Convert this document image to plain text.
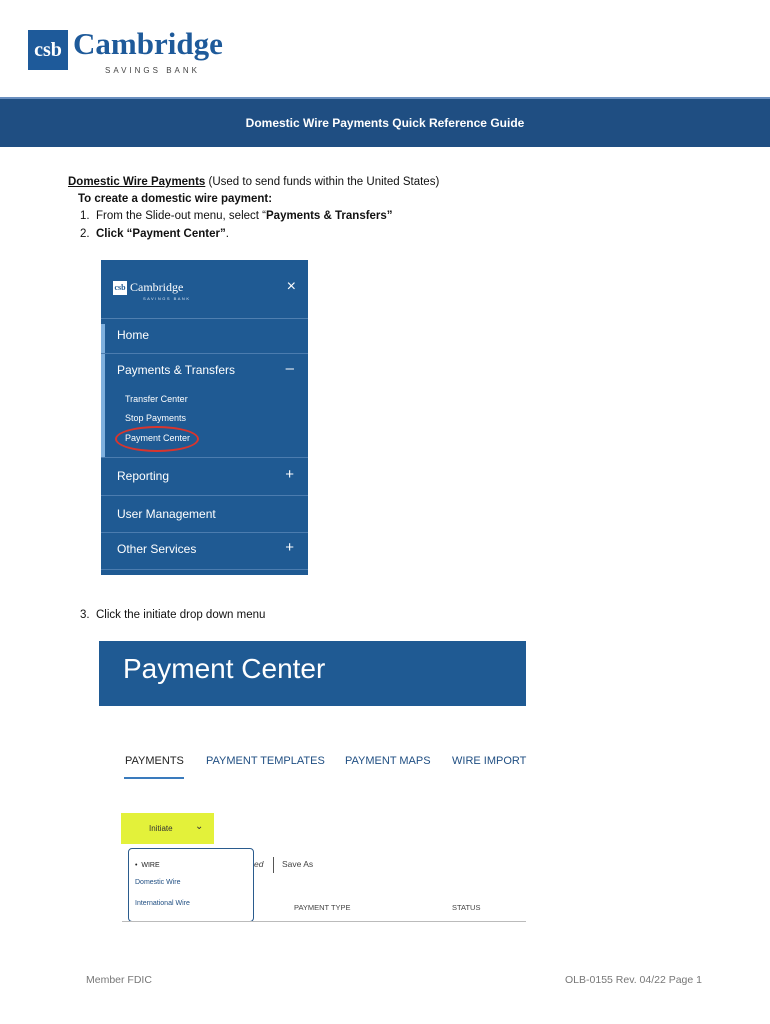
csb Cambridge
SAVINGS BANK
Domestic Wire Payments Quick Reference Guide
Domestic Wire Payments (Used to send funds within the United States)
To create a domestic wire payment:
1. From the Slide-out menu, select “Payments & Transfers”
2. Click “Payment Center”.
csb Cambridge
SAVINGS BANK
×
Home
Payments & Transfers	–
Transfer Center
Stop Payments
Payment Center
Reporting	+
User Management
Other Services	+
3. Click the initiate drop down menu
Payment Center
PAYMENTS PAYMENT TEMPLATES PAYMENT MAPS WIRE IMPORT
Initiate ⌄
•  WIRE
Domestic Wire
International Wire
ed Save As
PAYMENT TYPE	STATUS
Member FDIC	OLB-0155 Rev. 04/22 Page 1
